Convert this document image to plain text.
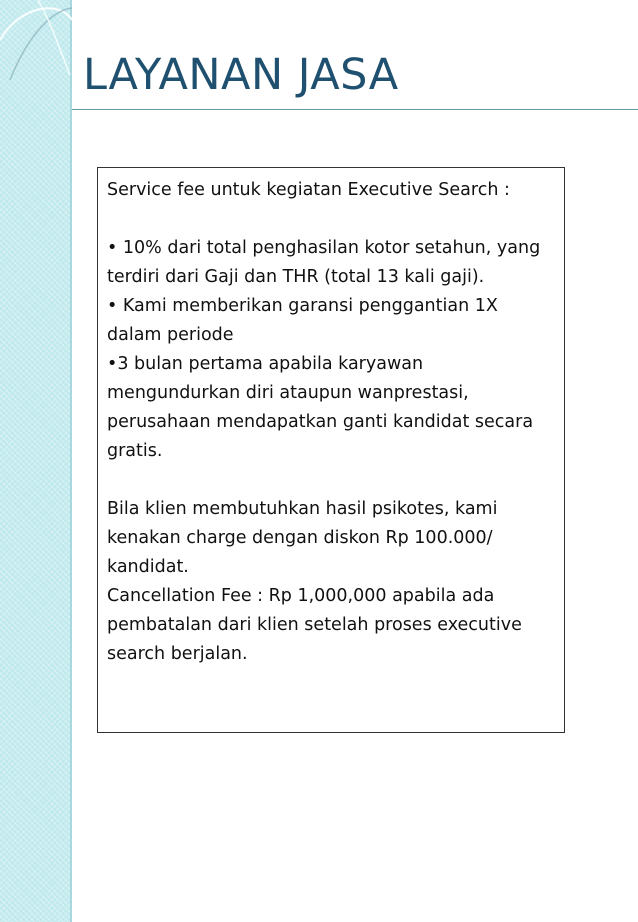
LAYANAN JASA

Service fee untuk kegiatan Executive Search :

• 10% dari total penghasilan kotor setahun, yang terdiri dari Gaji dan THR (total 13 kali gaji).

• Kami memberikan garansi penggantian 1X dalam periode

•3 bulan pertama apabila karyawan mengundurkan diri ataupun wanprestasi, perusahaan mendapatkan ganti kandidat secara gratis.

Bila klien membutuhkan hasil psikotes, kami kenakan charge dengan diskon Rp 100.000/ kandidat.

Cancellation Fee : Rp 1,000,000 apabila ada pembatalan dari klien setelah proses executive search berjalan.
